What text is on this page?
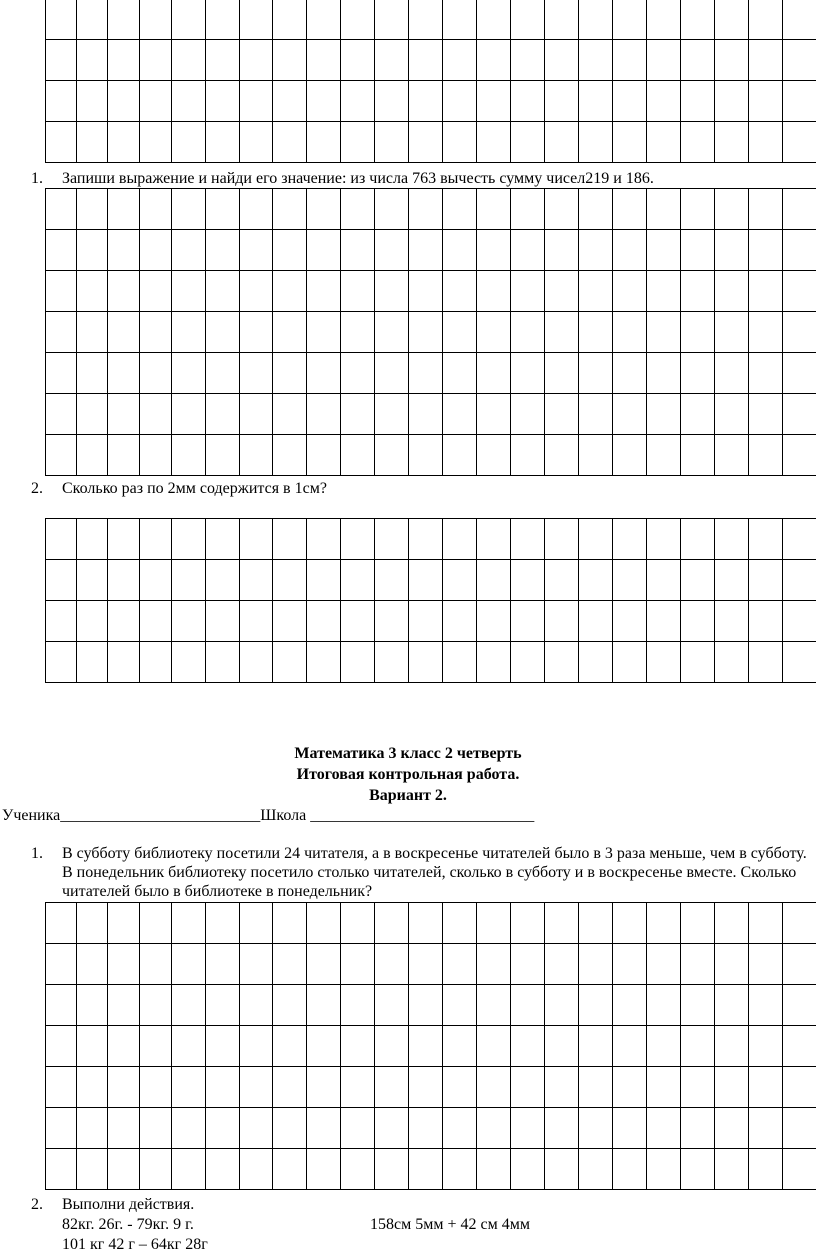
1. Запиши выражение и найди его значение: из числа 763 вычесть сумму чисел219 и 186.

2. Сколько раз по 2мм содержится в 1см?

Математика 3 класс 2 четверть
Итоговая контрольная работа.
Вариант 2.
Ученика_________________________Школа ____________________________
1. В субботу библиотеку посетили 24 читателя, а в воскресенье читателей было в 3 раза меньше, чем в субботу. В понедельник библиотеку посетило столько читателей, сколько в субботу и в воскресенье вместе. Сколько читателей было в библиотеке в понедельник?

2. Выполни действия.
82кг. 26г. - 79кг. 9 г.	158см 5мм + 42 см 4мм
101 кг 42 г – 64кг 28г
